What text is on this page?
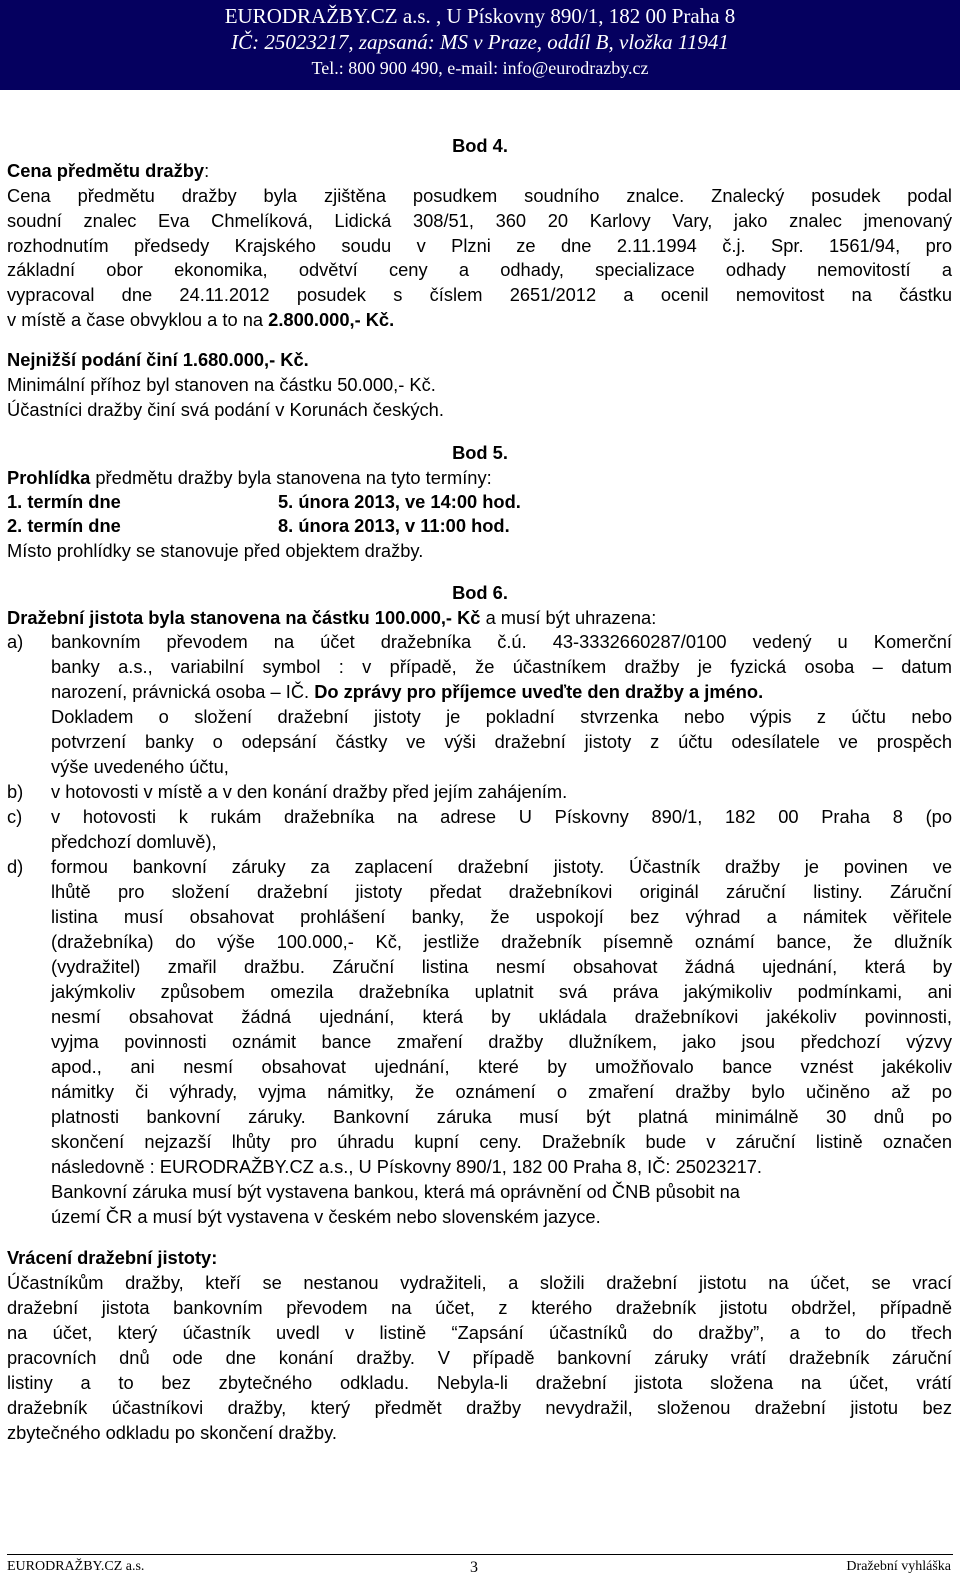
EURODRAŽBY.CZ a.s. , U Pískovny 890/1, 182 00 Praha 8
IČ: 25023217, zapsaná: MS v Praze, oddíl B, vložka 11941
Tel.: 800 900 490, e-mail: info@eurodrazby.cz
Bod 4.
Cena předmětu dražby:
Cena předmětu dražby byla zjištěna posudkem soudního znalce. Znalecký posudek podal
soudní znalec Eva Chmelíková, Lidická 308/51, 360 20 Karlovy Vary, jako znalec jmenovaný
rozhodnutím předsedy Krajského soudu v Plzni ze dne 2.11.1994 č.j. Spr. 1561/94, pro
základní obor ekonomika, odvětví ceny a odhady, specializace odhady nemovitostí a
vypracoval dne 24.11.2012 posudek s číslem 2651/2012 a ocenil nemovitost na částku
v místě a čase obvyklou a to na 2.800.000,- Kč.
Nejnižší podání činí 1.680.000,- Kč.
Minimální příhoz byl stanoven na částku 50.000,- Kč.
Účastníci dražby činí svá podání v Korunách českých.
Bod 5.
Prohlídka předmětu dražby byla stanovena na tyto termíny:
1. termín dne	5. února 2013, ve 14:00 hod.
2. termín dne	8. února 2013, v 11:00 hod.
Místo prohlídky se stanovuje před objektem dražby.
Bod 6.
Dražební jistota byla stanovena na částku 100.000,- Kč a musí být uhrazena:
a) bankovním převodem na účet dražebníka č.ú. 43-3332660287/0100 vedený u Komerční
banky a.s., variabilní symbol : v případě, že účastníkem dražby je fyzická osoba – datum
narození, právnická osoba – IČ. Do zprávy pro příjemce uveďte den dražby a jméno.
Dokladem o složení dražební jistoty je pokladní stvrzenka nebo výpis z účtu nebo
potvrzení banky o odepsání částky ve výši dražební jistoty z účtu odesílatele ve prospěch
výše uvedeného účtu,
b) v hotovosti v místě a v den konání dražby před jejím zahájením.
c) v hotovosti k rukám dražebníka na adrese U Pískovny 890/1, 182 00 Praha 8 (po
předchozí domluvě),
d) formou bankovní záruky za zaplacení dražební jistoty. Účastník dražby je povinen ve
lhůtě pro složení dražební jistoty předat dražebníkovi originál záruční listiny. Záruční
listina musí obsahovat prohlášení banky, že uspokojí bez výhrad a námitek věřitele
(dražebníka) do výše 100.000,- Kč, jestliže dražebník písemně oznámí bance, že dlužník
(vydražitel) zmařil dražbu. Záruční listina nesmí obsahovat žádná ujednání, která by
jakýmkoliv způsobem omezila dražebníka uplatnit svá práva jakýmikoliv podmínkami, ani
nesmí obsahovat žádná ujednání, která by ukládala dražebníkovi jakékoliv povinnosti,
vyjma povinnosti oznámit bance zmaření dražby dlužníkem, jako jsou předchozí výzvy
apod., ani nesmí obsahovat ujednání, které by umožňovalo bance vznést jakékoliv
námitky či výhrady, vyjma námitky, že oznámení o zmaření dražby bylo učiněno až po
platnosti bankovní záruky. Bankovní záruka musí být platná minimálně 30 dnů po
skončení nejzazší lhůty pro úhradu kupní ceny. Dražebník bude v záruční listině označen
následovně : EURODRAŽBY.CZ a.s., U Pískovny 890/1, 182 00 Praha 8, IČ: 25023217.
Bankovní záruka musí být vystavena bankou, která má oprávnění od ČNB působit na
území ČR a musí být vystavena v českém nebo slovenském jazyce.
Vrácení dražební jistoty:
Účastníkům dražby, kteří se nestanou vydražiteli, a složili dražební jistotu na účet, se vrací
dražební jistota bankovním převodem na účet, z kterého dražebník jistotu obdržel, případně
na účet, který účastník uvedl v listině “Zapsání účastníků do dražby”, a to do třech
pracovních dnů ode dne konání dražby. V případě bankovní záruky vrátí dražebník záruční
listiny a to bez zbytečného odkladu. Nebyla-li dražební jistota složena na účet, vrátí
dražebník účastníkovi dražby, který předmět dražby nevydražil, složenou dražební jistotu bez
zbytečného odkladu po skončení dražby.
EURODRAŽBY.CZ a.s.	3	Dražební vyhláška
